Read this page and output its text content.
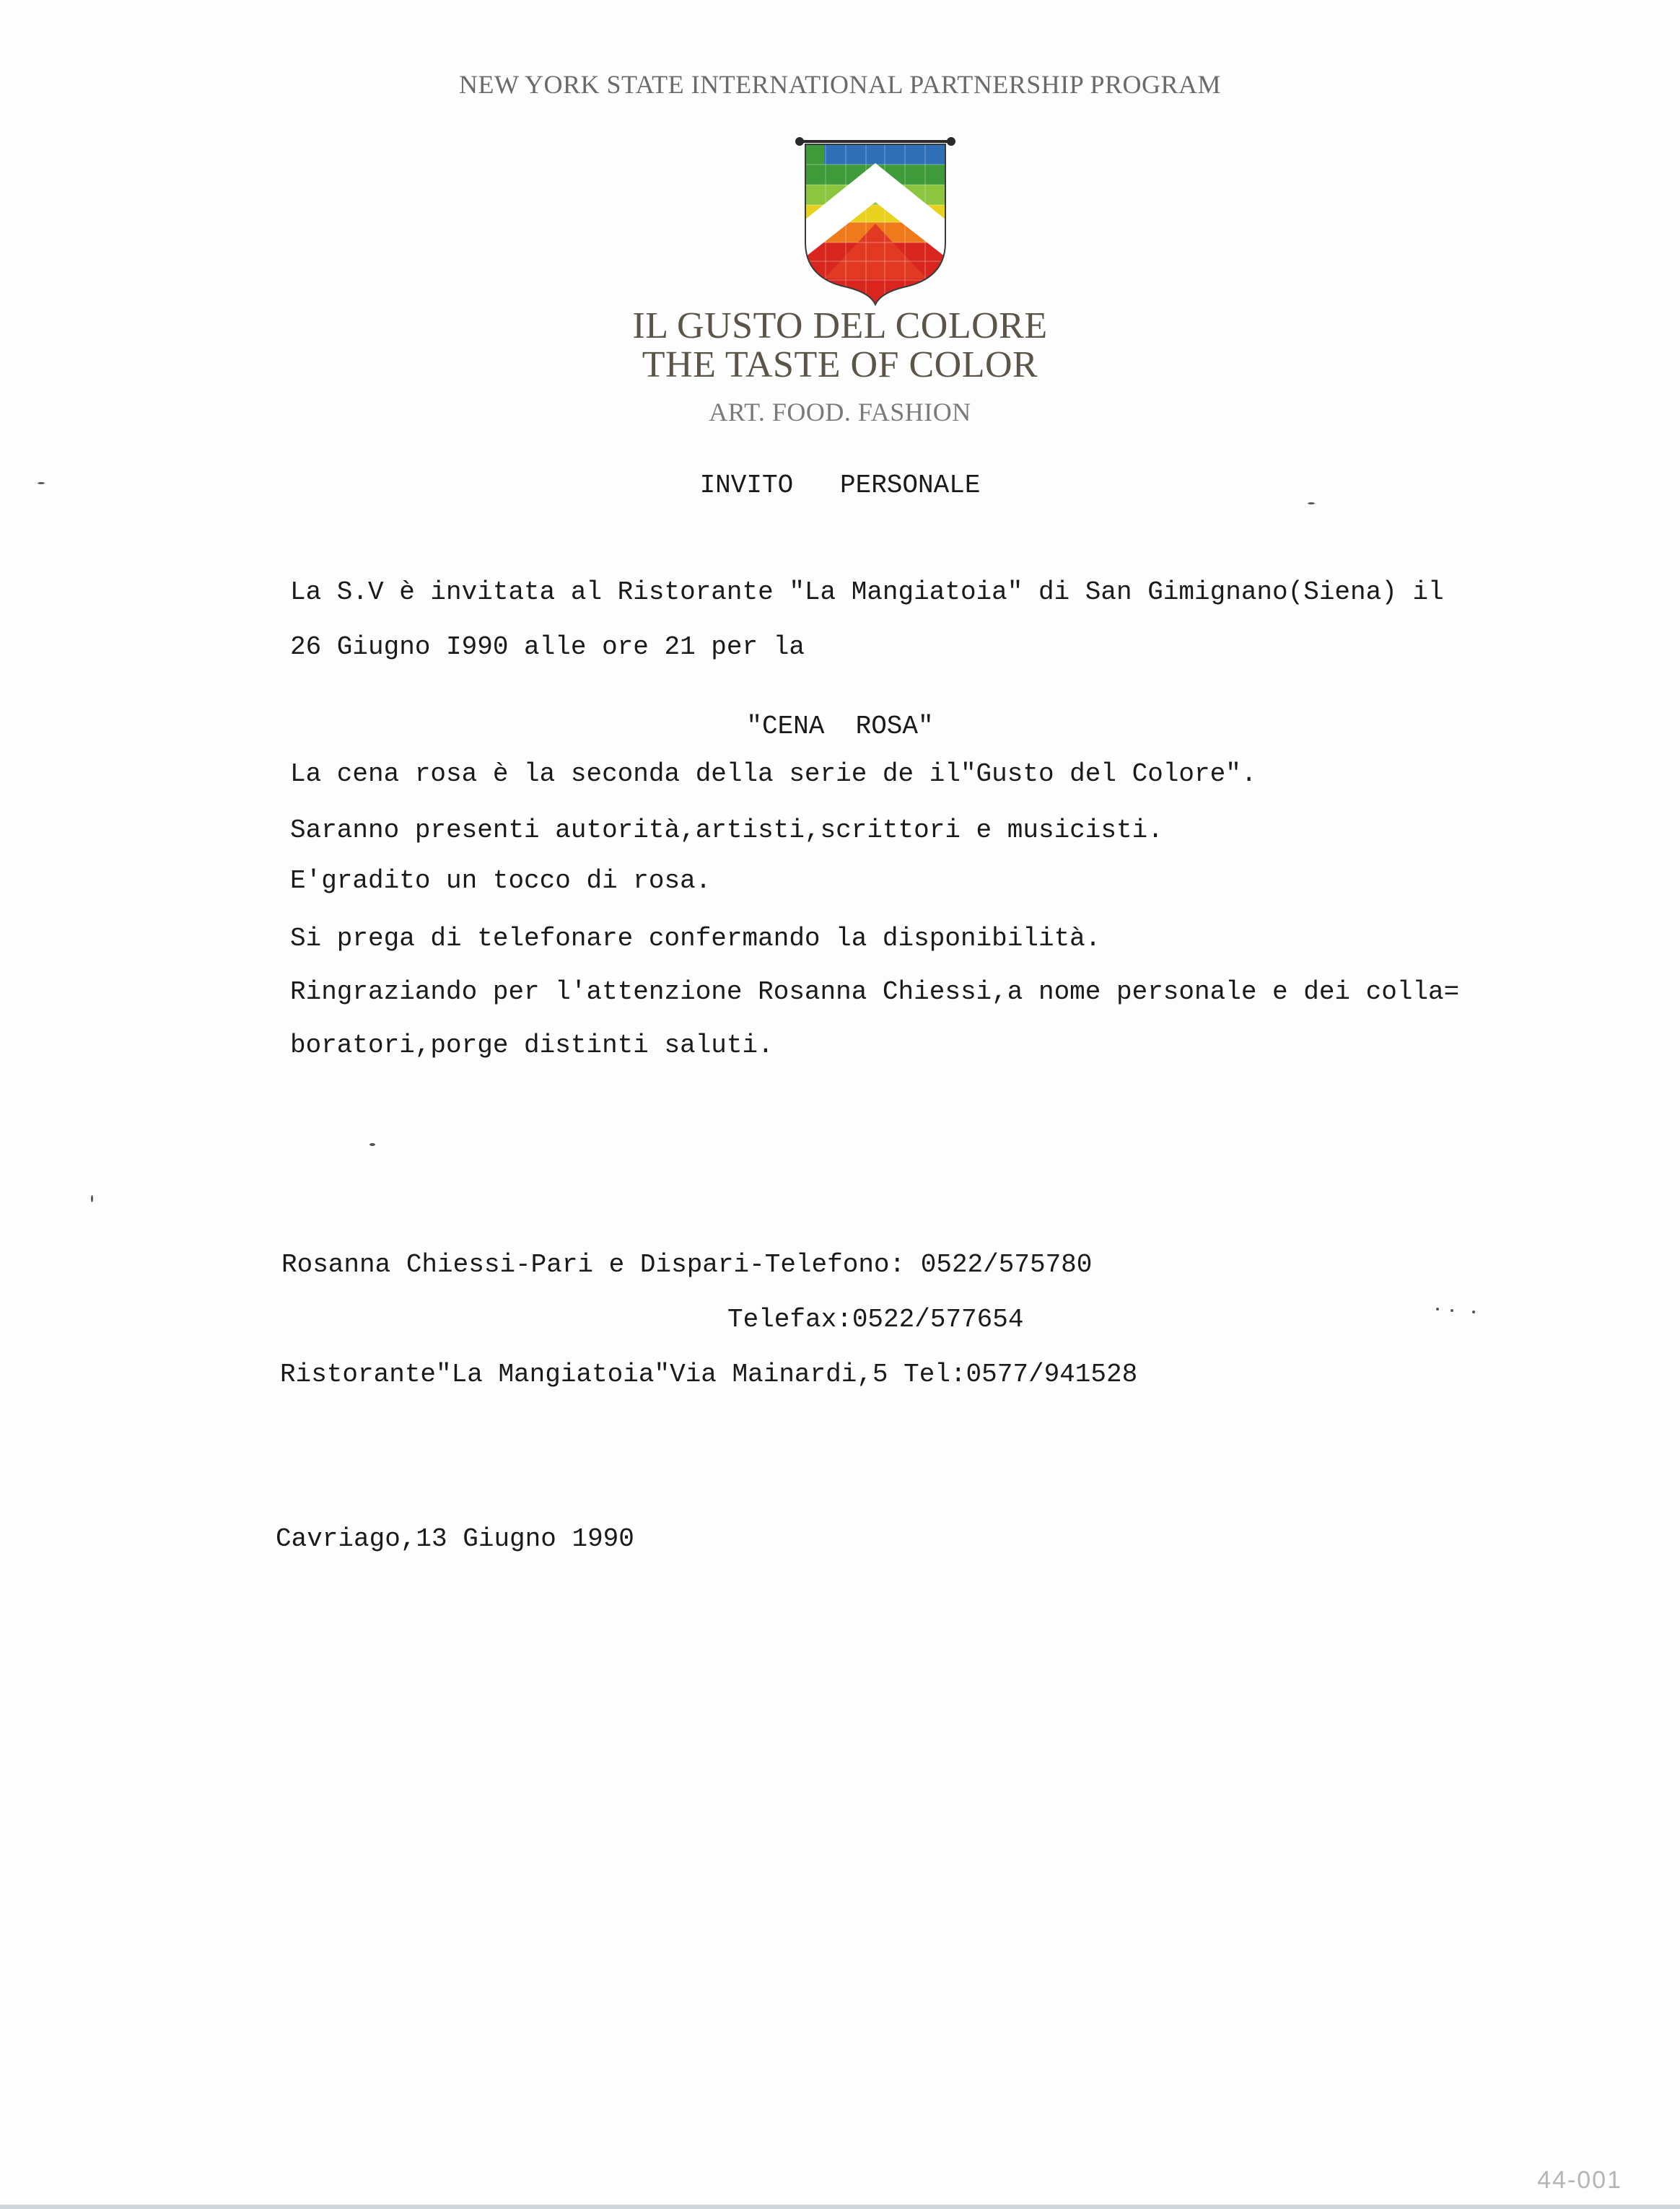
NEW YORK STATE INTERNATIONAL PARTNERSHIP PROGRAM
IL GUSTO DEL COLORE
THE TASTE OF COLOR
ART. FOOD. FASHION
INVITO   PERSONALE
La S.V è invitata al Ristorante "La Mangiatoia" di San Gimignano(Siena) il
26 Giugno I990 alle ore 21 per la
"CENA  ROSA"
La cena rosa è la seconda della serie de il"Gusto del Colore".
Saranno presenti autorità,artisti,scrittori e musicisti.
E'gradito un tocco di rosa.
Si prega di telefonare confermando la disponibilità.
Ringraziando per l'attenzione Rosanna Chiessi,a nome personale e dei colla=
boratori,porge distinti saluti.
Rosanna Chiessi-Pari e Dispari-Telefono: 0522/575780
Telefax:0522/577654
Ristorante"La Mangiatoia"Via Mainardi,5 Tel:0577/941528
Cavriago,13 Giugno 1990
44-001
